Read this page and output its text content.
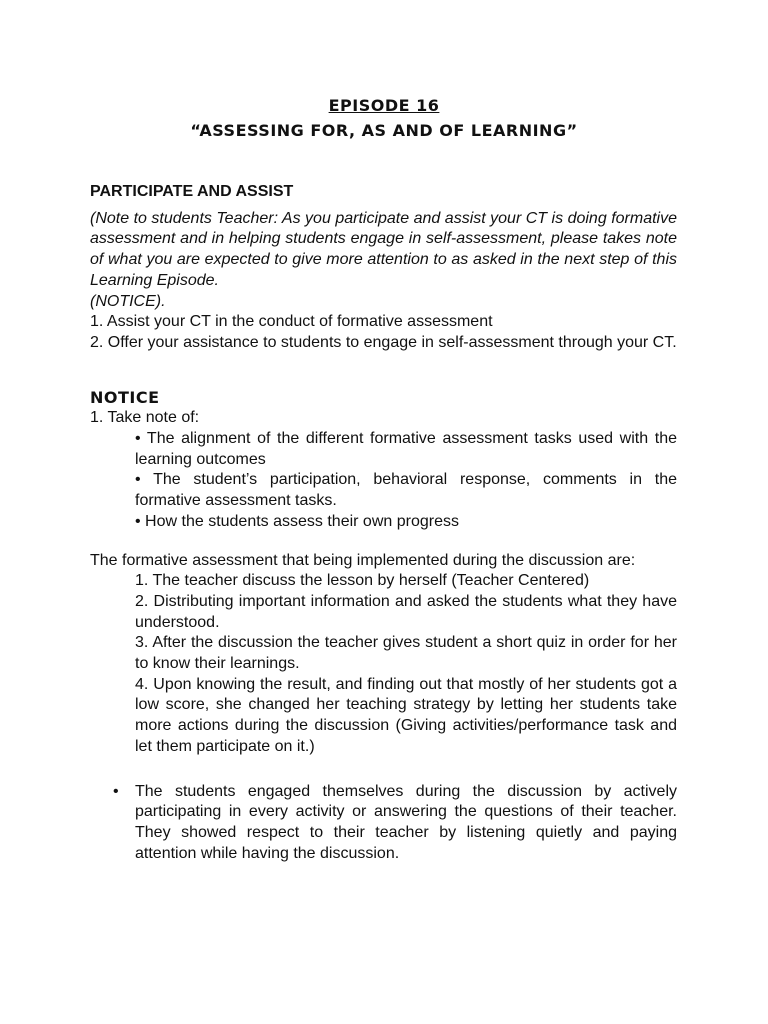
EPISODE 16
“ASSESSING FOR, AS AND OF LEARNING”

PARTICIPATE AND ASSIST

(Note to students Teacher: As you participate and assist your CT is doing formative assessment and in helping students engage in self-assessment, please takes note of what you are expected to give more attention to as asked in the next step of this Learning Episode.

(NOTICE).

1. Assist your CT in the conduct of formative assessment

2. Offer your assistance to students to engage in self-assessment through your CT.

NOTICE

1. Take note of:

• The alignment of the different formative assessment tasks used with the learning outcomes

• The student’s participation, behavioral response, comments in the formative assessment tasks.

• How the students assess their own progress

The formative assessment that being implemented during the discussion are:

1. The teacher discuss the lesson by herself (Teacher Centered)

2. Distributing important information and asked the students what they have understood.

3. After the discussion the teacher gives student a short quiz in order for her to know their learnings.

4. Upon knowing the result, and finding out that mostly of her students got a low score, she changed her teaching strategy by letting her students take more actions during the discussion (Giving activities/performance task and let them participate on it.)

• The students engaged themselves during the discussion by actively participating in every activity or answering the questions of their teacher. They showed respect to their teacher by listening quietly and paying attention while having the discussion.
